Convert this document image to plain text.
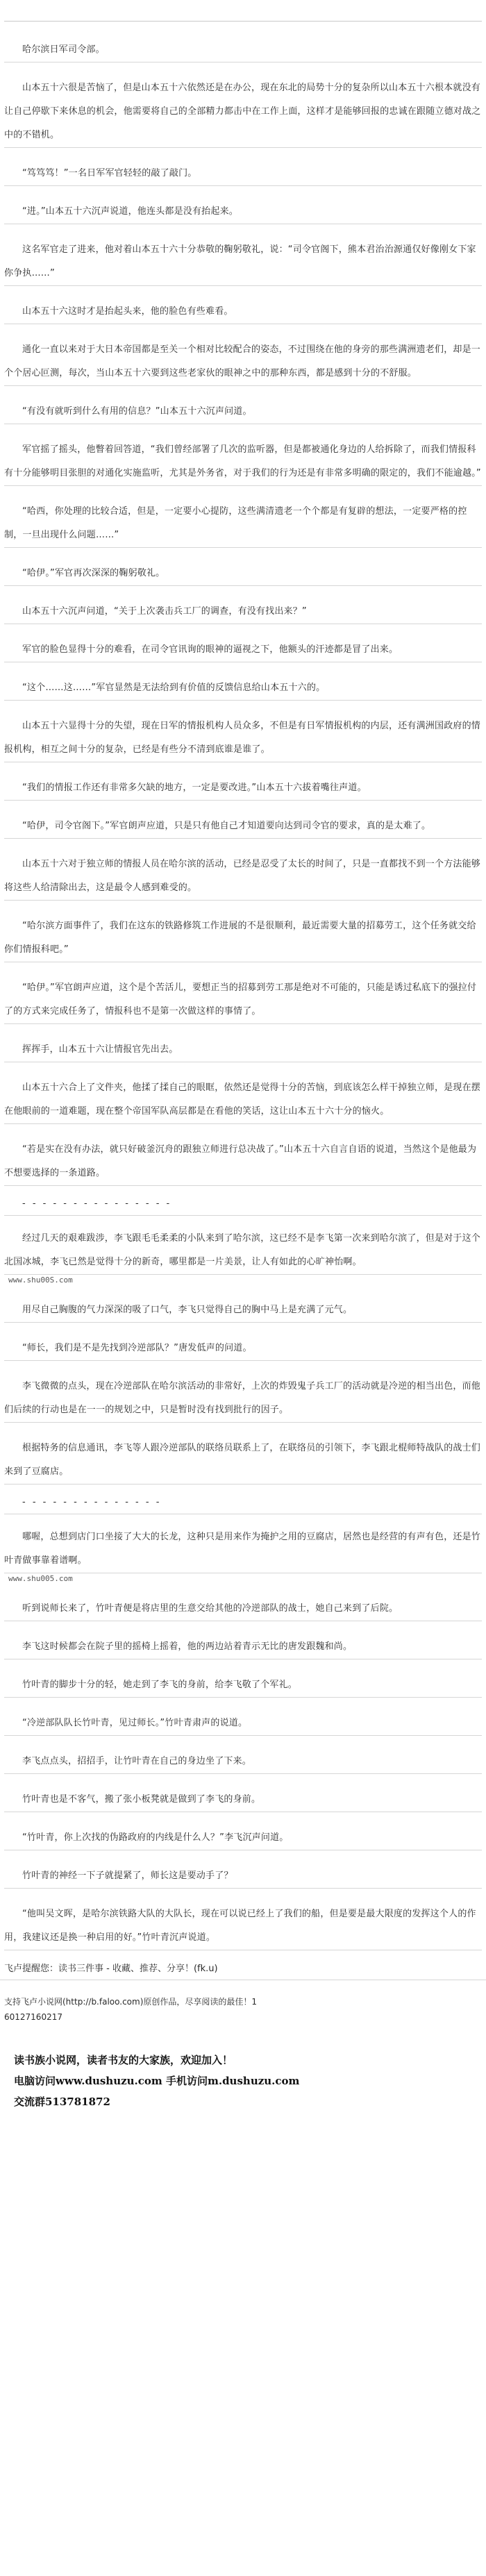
哈尔滨日军司令部。

山本五十六很是苦恼了，但是山本五十六依然还是在办公，现在东北的局势十分的复杂所以山本五十六根本就没有让自己停歇下来休息的机会，他需要将自己的全部精力都击中在工作上面，这样才是能够回报的忠诚在跟随立德对战之中的不错机。

“笃笃笃！”一名日军军官轻轻的敲了敲门。

“进。”山本五十六沉声说道，他连头都是没有抬起来。

这名军官走了进来，他对着山本五十六十分恭敬的鞠躬敬礼，说：“司令官阁下，熊本君治治源通仅好像刚女下家你争执……”

山本五十六这时才是抬起头来，他的脸色有些难看。

通化一直以来对于大日本帝国都是至关一个相对比较配合的姿态，不过围绕在他的身旁的那些满洲遗老们，却是一个个居心叵测，每次，当山本五十六要到这些老家伙的眼神之中的那种东西，都是感到十分的不舒服。

“有没有就听到什么有用的信息？”山本五十六沉声问道。

军官摇了摇头，他瞥着回答道，“我们曾经部署了几次的监听器，但是都被通化身边的人给拆除了，而我们情报科有十分能够明目张胆的对通化实施监听，尤其是外务省，对于我们的行为还是有非常多明确的限定的，我们不能逾越。”

“哈西，你处理的比较合适，但是，一定要小心提防，这些满清遗老一个个都是有复辟的想法，一定要严格的控制，一旦出现什么问题……”

“哈伊。”军官再次深深的鞠躬敬礼。

山本五十六沉声问道，“关于上次袭击兵工厂的调查，有没有找出来？”

军官的脸色显得十分的难看，在司令官讯询的眼神的逼视之下，他额头的汗迹都是冒了出来。

“这个……这……”军官显然是无法给到有价值的反馈信息给山本五十六的。

山本五十六显得十分的失望，现在日军的情报机构人员众多，不但是有日军情报机构的内层，还有满洲国政府的情报机构，相互之间十分的复杂，已经是有些分不清到底谁是谁了。

“我们的情报工作还有非常多欠缺的地方，一定是要改进。”山本五十六拔着嘴往声道。

“哈伊，司令官阁下。”军官朗声应道，只是只有他自己才知道要向达到司令官的要求，真的是太难了。

山本五十六对于独立师的情报人员在哈尔滨的活动，已经是忍受了太长的时间了，只是一直都找不到一个方法能够将这些人给清除出去，这是最令人感到难受的。

“哈尔滨方面事件了，我们在这东的铁路修筑工作进展的不是很顺利，最近需要大量的招募劳工，这个任务就交给你们情报科吧。”

“哈伊。”军官朗声应道，这个是个苦活儿，要想正当的招募到劳工那是绝对不可能的，只能是诱过私底下的强拉付了的方式来完成任务了，情报科也不是第一次做这样的事情了。

挥挥手，山本五十六让情报官先出去。

山本五十六合上了文件夹，他揉了揉自己的眼眶，依然还是觉得十分的苦恼，到底该怎么样干掉独立师，是现在摆在他眼前的一道难题，现在整个帝国军队高层都是在看他的笑话，这让山本五十六十分的恼火。

“若是实在没有办法，就只好破釜沉舟的跟独立师进行总决战了。”山本五十六自言自语的说道，当然这个是他最为不想要选择的一条道路。

- - - - - - - - - - - - - - -

经过几天的艰难跋涉，李飞跟毛毛柔柔的小队来到了哈尔滨，这已经不是李飞第一次来到哈尔滨了，但是对于这个北国冰城，李飞已然是觉得十分的新奇，哪里都是一片美景，让人有如此的心旷神怡啊。

www.shu00S.com

用尽自己胸腹的气力深深的吸了口气，李飞只觉得自己的胸中马上是充满了元气。

“师长，我们是不是先找到冷逆部队？”唐发低声的问道。

李飞微微的点头，现在冷逆部队在哈尔滨活动的非常好，上次的炸毁鬼子兵工厂的活动就是冷逆的相当出色，而他们后续的行动也是在一一的规划之中，只是暂时没有找到批行的因子。

根据特务的信息通讯，李飞等人跟冷逆部队的联络员联系上了，在联络员的引领下，李飞跟北棍师特战队的战士们来到了豆腐店。

- - - - - - - - - - - - - -

哪喔，总想到店门口坐接了大大的长龙，这种只是用来作为掩护之用的豆腐店，居然也是经营的有声有色，还是竹叶青做事靠着谱啊。

www.shu005.com

听到说师长来了，竹叶青便是将店里的生意交给其他的冷逆部队的战士，她自己来到了后院。

李飞这时候都会在院子里的摇椅上摇着，他的两边站着青示无比的唐发跟魏和尚。

竹叶青的脚步十分的轻，她走到了李飞的身前，给李飞敬了个军礼。

“冷逆部队队长竹叶青，见过师长。”竹叶青肃声的说道。

李飞点点头，招招手，让竹叶青在自己的身边坐了下来。

竹叶青也是不客气，搬了张小板凳就是做到了李飞的身前。

“竹叶青，你上次找的伪路政府的内线是什么人？”李飞沉声问道。

竹叶青的神经一下子就提紧了，师长这是要动手了？

“他叫吴文晖，是哈尔滨铁路大队的大队长，现在可以说已经上了我们的船，但是要是最大限度的发挥这个人的作用，我建议还是换一种启用的好。”竹叶青沉声说道。

飞卢提醒您：读书三件事 - 收藏、推荐、分享！(fk.u)
支持飞卢小说网(http://b.faloo.com)原创作品，尽享阅读的最佳！1
60127160217
读书族小说网，读者书友的大家族，欢迎加入！
电脑访问www.dushuzu.com 手机访问m.dushuzu.com
交流群513781872
